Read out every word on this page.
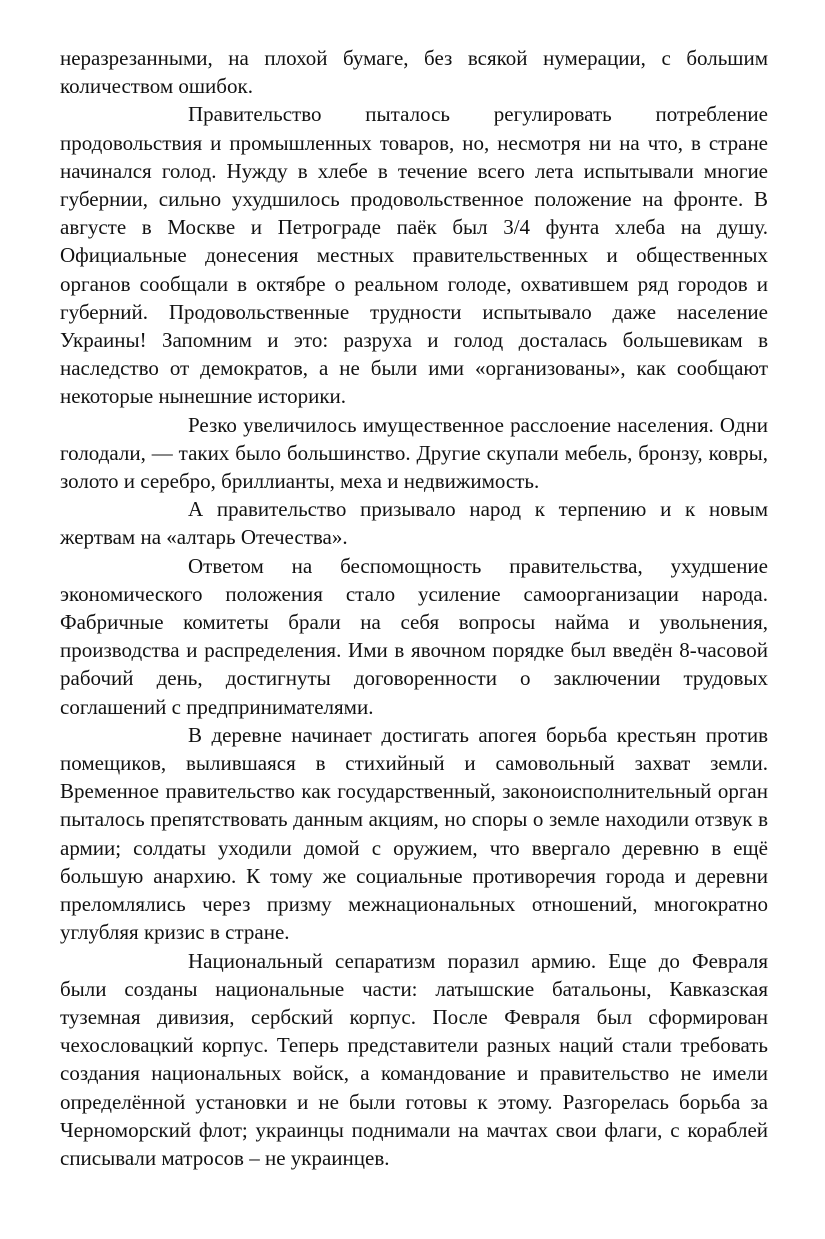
неразрезанными, на плохой бумаге, без всякой нумерации, с большим количеством ошибок.

Правительство пыталось регулировать потребление продовольствия и промышленных товаров, но, несмотря ни на что, в стране начинался голод. Нужду в хлебе в течение всего лета испытывали многие губернии, сильно ухудшилось продовольственное положение на фронте. В августе в Москве и Петрограде паёк был 3/4 фунта хлеба на душу. Официальные донесения местных правительственных и общественных органов сообщали в октябре о реальном голоде, охватившем ряд городов и губерний. Продовольственные трудности испытывало даже население Украины! Запомним и это: разруха и голод досталась большевикам в наследство от демократов, а не были ими «организованы», как сообщают некоторые нынешние историки.

Резко увеличилось имущественное расслоение населения. Одни голодали, — таких было большинство. Другие скупали мебель, бронзу, ковры, золото и серебро, бриллианты, меха и недвижимость.

А правительство призывало народ к терпению и к новым жертвам на «алтарь Отечества».

Ответом на беспомощность правительства, ухудшение экономического положения стало усиление самоорганизации народа. Фабричные комитеты брали на себя вопросы найма и увольнения, производства и распределения. Ими в явочном порядке был введён 8-часовой рабочий день, достигнуты договоренности о заключении трудовых соглашений с предпринимателями.

В деревне начинает достигать апогея борьба крестьян против помещиков, вылившаяся в стихийный и самовольный захват земли. Временное правительство как государственный, законоисполнительный орган пыталось препятствовать данным акциям, но споры о земле находили отзвук в армии; солдаты уходили домой с оружием, что ввергало деревню в ещё большую анархию. К тому же социальные противоречия города и деревни преломлялись через призму межнациональных отношений, многократно углубляя кризис в стране.

Национальный сепаратизм поразил армию. Еще до Февраля были созданы национальные части: латышские батальоны, Кавказская туземная дивизия, сербский корпус. После Февраля был сформирован чехословацкий корпус. Теперь представители разных наций стали требовать создания национальных войск, а командование и правительство не имели определённой установки и не были готовы к этому. Разгорелась борьба за Черноморский флот; украинцы поднимали на мачтах свои флаги, с кораблей списывали матросов – не украинцев.
